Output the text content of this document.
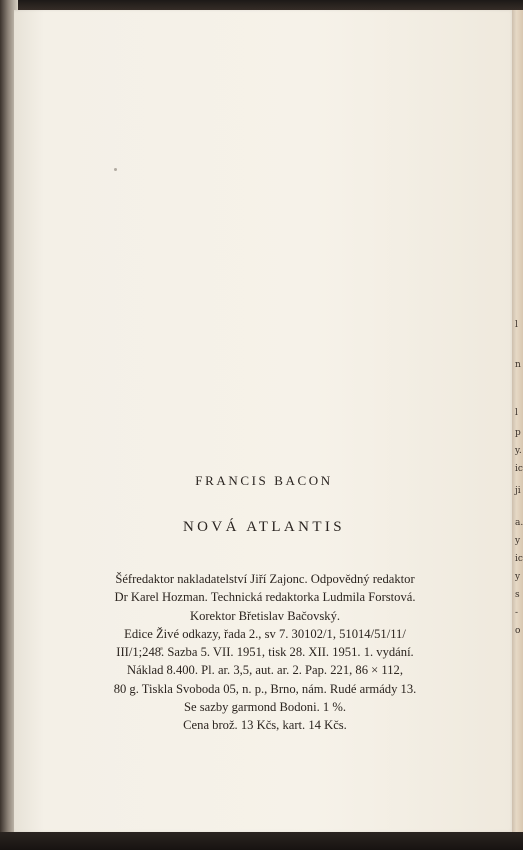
FRANCIS BACON
NOVÁ ATLANTIS
Šéfredaktor nakladatelství Jiří Zajonc. Odpovědný redaktor
Dr Karel Hozman. Technická redaktorka Ludmila Forstová.
Korektor Břetislav Bačovský.
Edice Živé odkazy, řada 2., sv 7. 30102/1, 51014/51/11/
III/1;248. Sazba 5. VII. 1951, tisk 28. XII. 1951. 1. vydání.
Náklad 8.400. Pl. ar. 3,5, aut. ar. 2. Pap. 221, 86 × 112,
80 g. Tiskla Svoboda 05, n. p., Brno, nám. Rudé armády 13.
Se sazby garmond Bodoni. 1 %.
Cena brož. 13 Kčs, kart. 14 Kčs.
l
n
l
p
y.
ic
ji
a.
y
ic
y
s
-
o
